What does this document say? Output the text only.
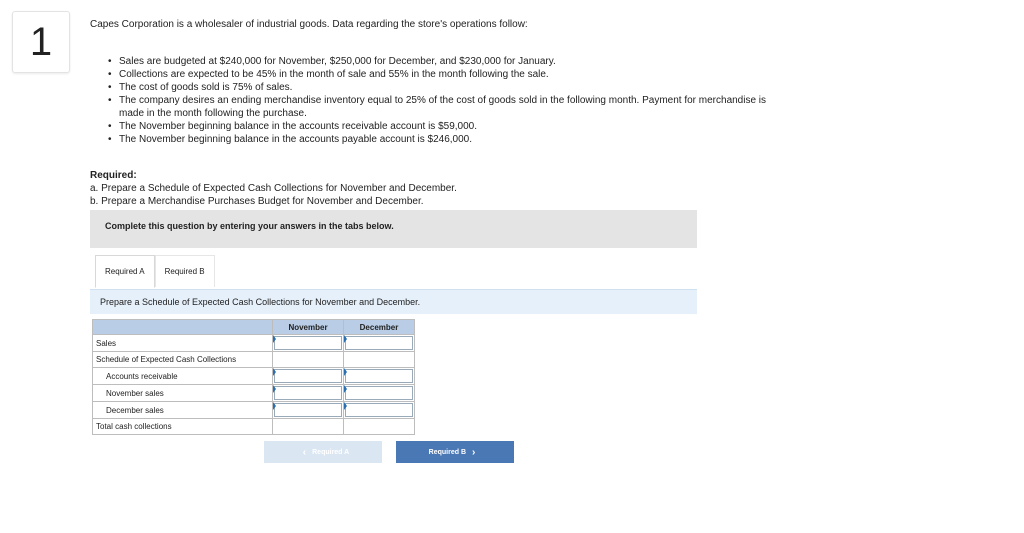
1	Capes Corporation is a wholesaler of industrial goods. Data regarding the store's operations follow:

• Sales are budgeted at $240,000 for November, $250,000 for December, and $230,000 for January.
• Collections are expected to be 45% in the month of sale and 55% in the month following the sale.
• The cost of goods sold is 75% of sales.
• The company desires an ending merchandise inventory equal to 25% of the cost of goods sold in the following month. Payment for merchandise is made in the month following the purchase.
• The November beginning balance in the accounts receivable account is $59,000.
• The November beginning balance in the accounts payable account is $246,000.
Required:
a. Prepare a Schedule of Expected Cash Collections for November and December.
b. Prepare a Merchandise Purchases Budget for November and December.
Complete this question by entering your answers in the tabs below.
Required A	Required B
Prepare a Schedule of Expected Cash Collections for November and December.
	November	December
Sales		
Schedule of Expected Cash Collections		
Accounts receivable		
November sales		
December sales		
Total cash collections		
‹ Required A	Required B ›
